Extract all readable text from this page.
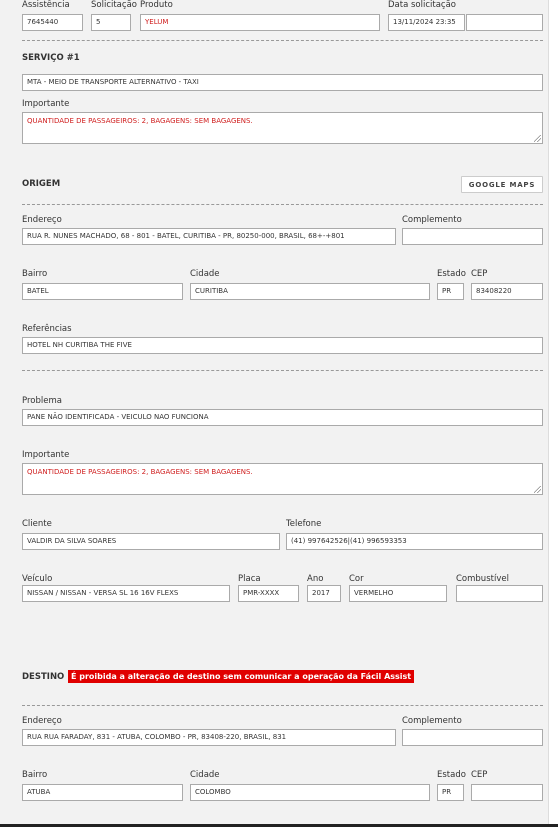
Assistência	Solicitação Produto	Data solicitação
7645440	5	YELUM	13/11/2024 23:35
SERVIÇO #1
MTA - MEIO DE TRANSPORTE ALTERNATIVO - TAXI
Importante
QUANTIDADE DE PASSAGEIROS: 2, BAGAGENS: SEM BAGAGENS.
ORIGEM	GOOGLE MAPS
Endereço	Complemento
RUA R. NUNES MACHADO, 68 - 801 - BATEL, CURITIBA - PR, 80250-000, BRASIL, 68+-+801
Bairro	Cidade	Estado CEP
BATEL	CURITIBA	PR	83408220
Referências
HOTEL NH CURITIBA THE FIVE
Problema
PANE NÃO IDENTIFICADA - VEICULO NAO FUNCIONA
Importante
QUANTIDADE DE PASSAGEIROS: 2, BAGAGENS: SEM BAGAGENS.
Cliente	Telefone
VALDIR DA SILVA SOARES	(41) 997642526|(41) 996593353
Veículo	Placa	Ano	Cor	Combustível
NISSAN / NISSAN - VERSA SL 16 16V FLEXS	PMR-XXXX	2017	VERMELHO
DESTINO É proibida a alteração de destino sem comunicar a operação da Fácil Assist
Endereço	Complemento
RUA RUA FARADAY, 831 - ATUBA, COLOMBO - PR, 83408-220, BRASIL, 831
Bairro	Cidade	Estado CEP
ATUBA	COLOMBO	PR
